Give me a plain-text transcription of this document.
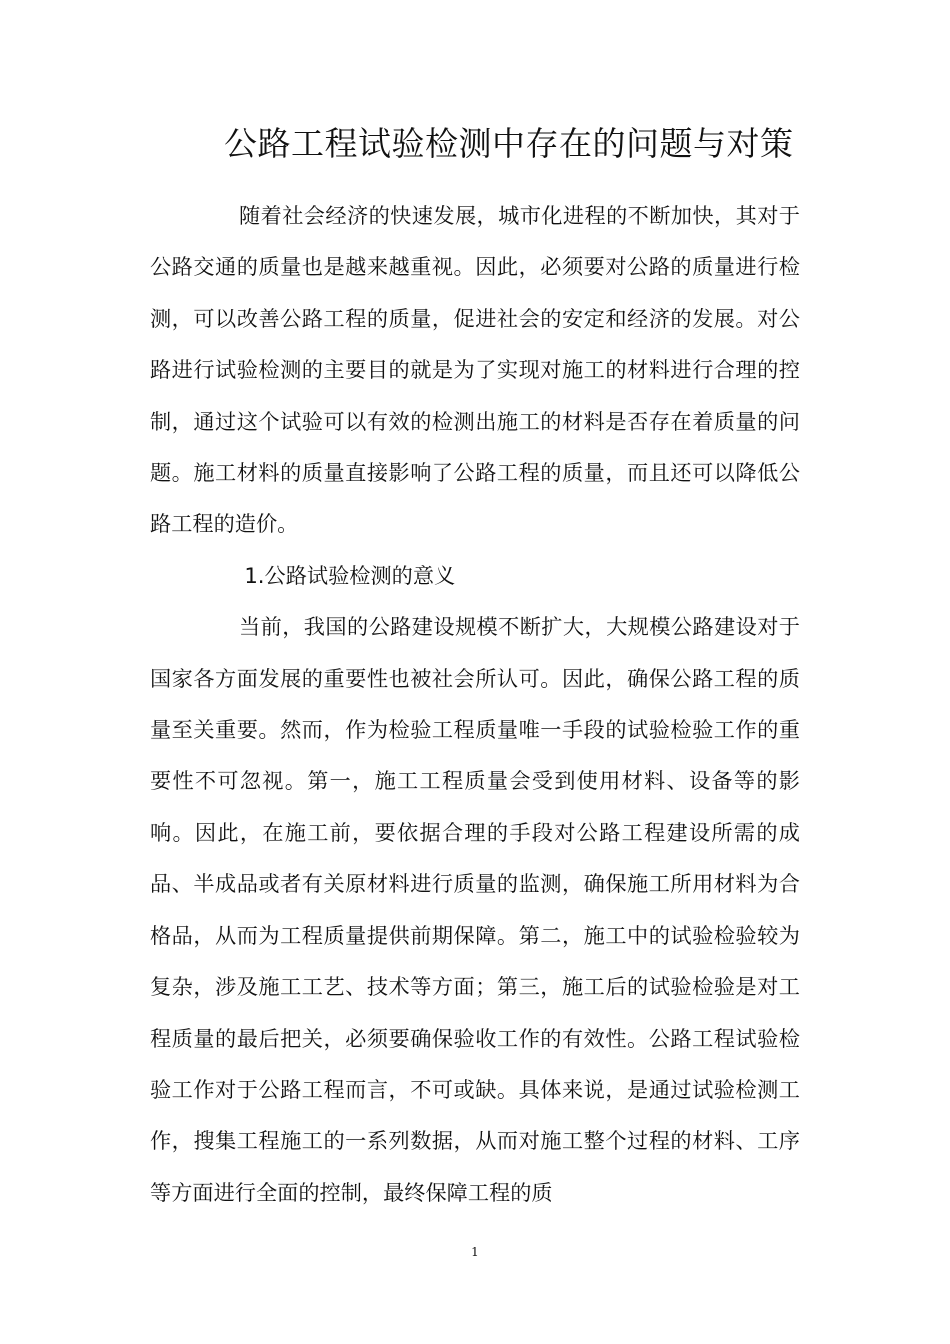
公路工程试验检测中存在的问题与对策

随着社会经济的快速发展，城市化进程的不断加快，其对于公路交通的质量也是越来越重视。因此，必须要对公路的质量进行检测，可以改善公路工程的质量，促进社会的安定和经济的发展。对公路进行试验检测的主要目的就是为了实现对施工的材料进行合理的控制，通过这个试验可以有效的检测出施工的材料是否存在着质量的问题。施工材料的质量直接影响了公路工程的质量，而且还可以降低公路工程的造价。

1.公路试验检测的意义

当前，我国的公路建设规模不断扩大，大规模公路建设对于国家各方面发展的重要性也被社会所认可。因此，确保公路工程的质量至关重要。然而，作为检验工程质量唯一手段的试验检验工作的重要性不可忽视。第一，施工工程质量会受到使用材料、设备等的影响。因此，在施工前，要依据合理的手段对公路工程建设所需的成品、半成品或者有关原材料进行质量的监测，确保施工所用材料为合格品，从而为工程质量提供前期保障。第二，施工中的试验检验较为复杂，涉及施工工艺、技术等方面；第三，施工后的试验检验是对工程质量的最后把关，必须要确保验收工作的有效性。公路工程试验检验工作对于公路工程而言，不可或缺。具体来说，是通过试验检测工作，搜集工程施工的一系列数据，从而对施工整个过程的材料、工序等方面进行全面的控制，最终保障工程的质

1
